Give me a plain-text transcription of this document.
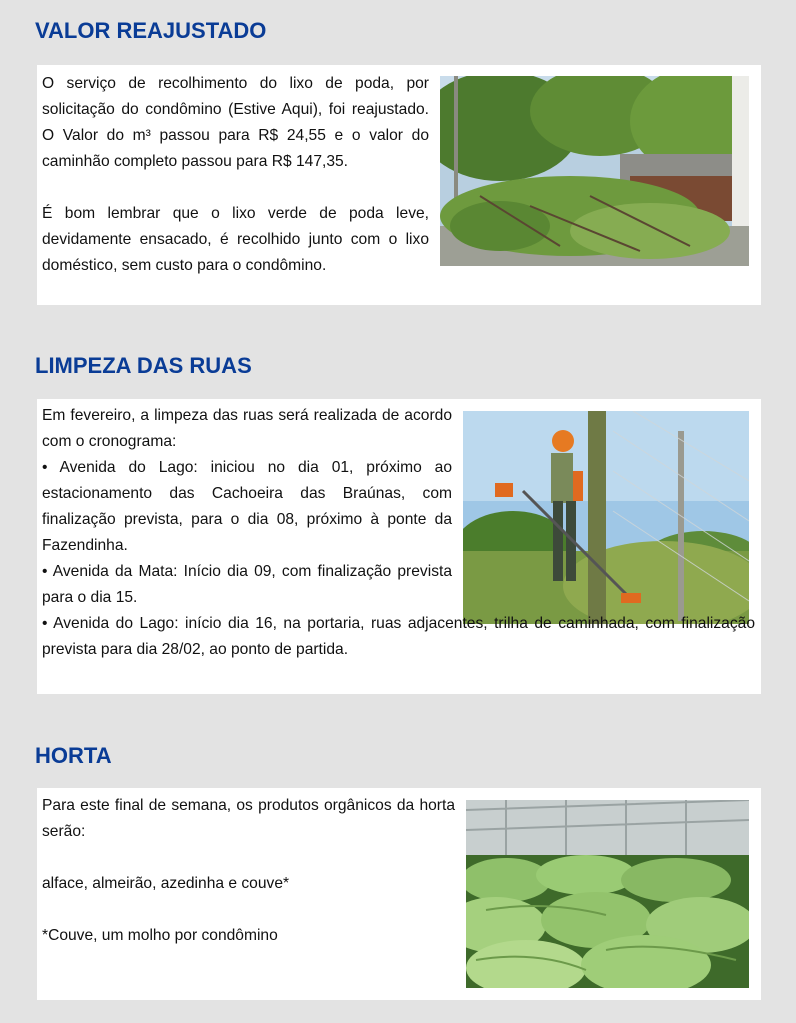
VALOR REAJUSTADO

O serviço de recolhimento do lixo de poda, por solicitação do condômino (Estive Aqui), foi reajustado. O Valor do m³ passou para R$ 24,55 e o valor do caminhão completo passou para R$ 147,35.

É bom lembrar que o lixo verde de poda leve, devidamente ensacado, é recolhido junto com o lixo doméstico, sem custo para o condômino.

LIMPEZA DAS RUAS

Em fevereiro, a limpeza das ruas será realizada de acordo com o cronograma:

• Avenida do Lago: iniciou no dia 01, próximo ao estacionamento das Cachoeira das Braúnas, com finalização prevista, para o dia 08, próximo à ponte da Fazendinha.

• Avenida da Mata: Início dia 09, com finalização prevista para o dia 15.

• Avenida do Lago: início dia 16, na portaria, ruas adjacentes, trilha de caminhada, com finalização prevista para dia 28/02, ao ponto de partida.

HORTA

Para este final de semana, os produtos orgânicos da horta serão:

alface, almeirão, azedinha e couve*

*Couve, um molho por condômino
